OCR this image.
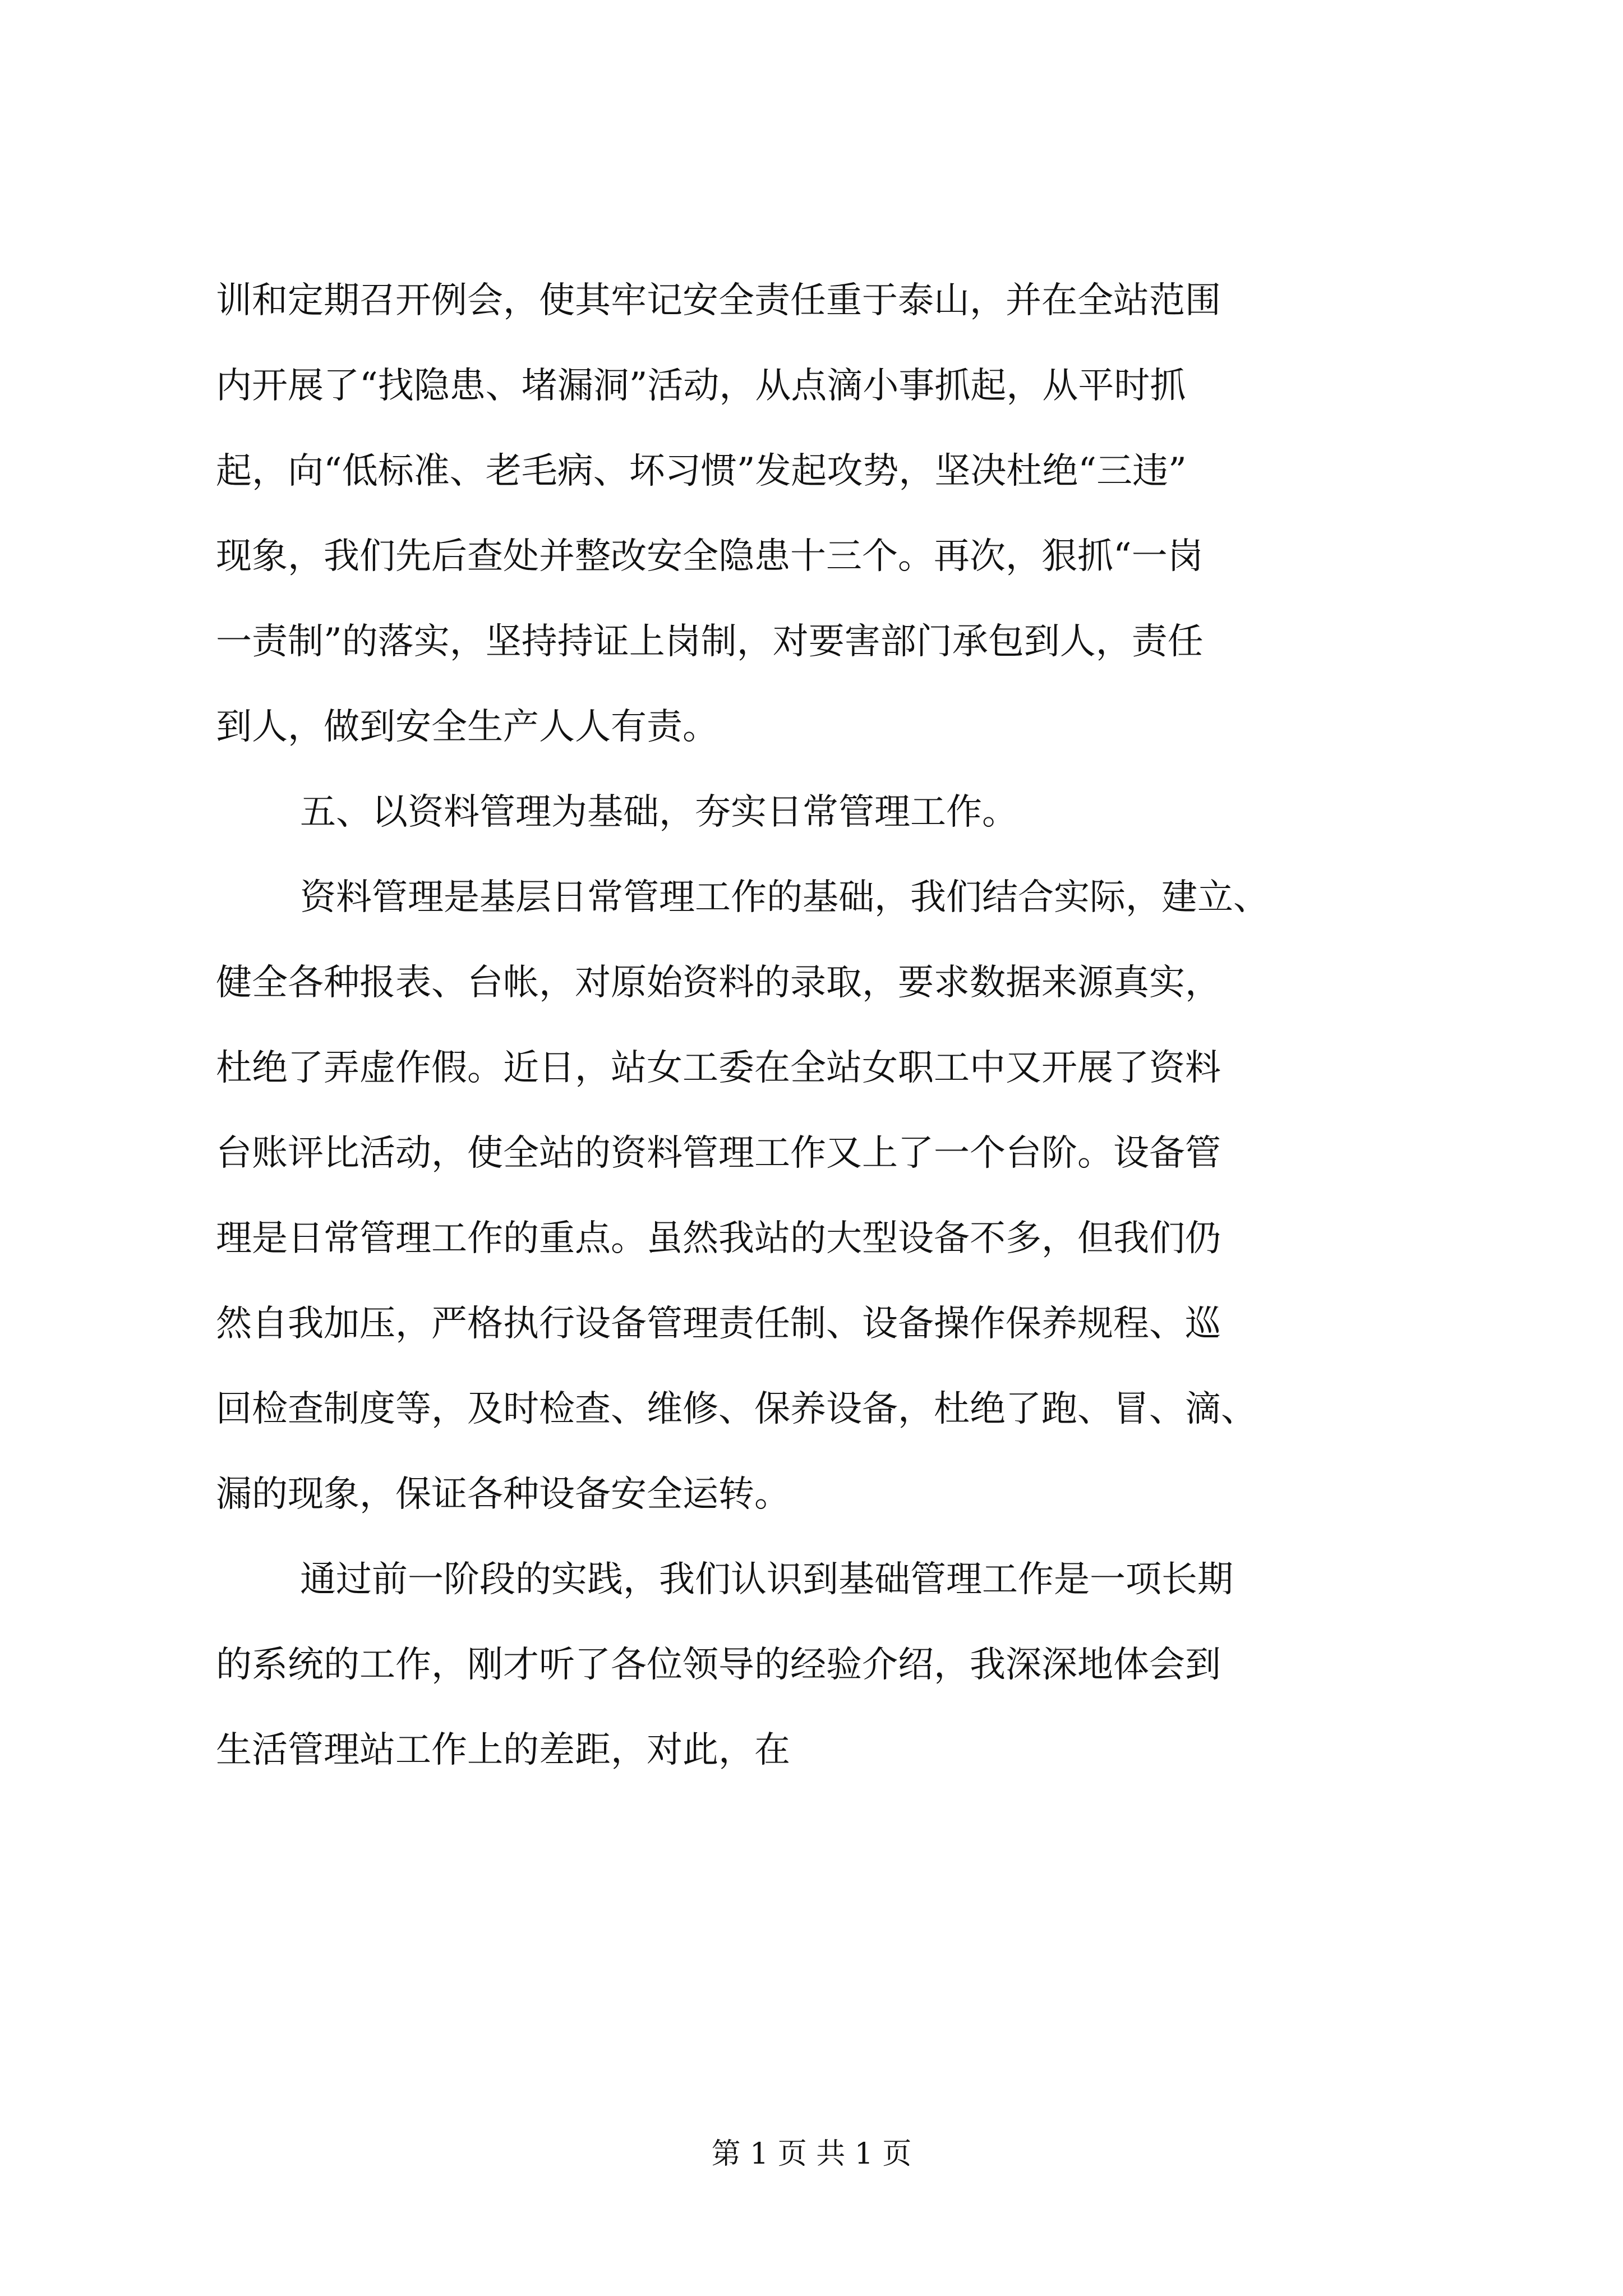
训和定期召开例会，使其牢记安全责任重于泰山，并在全站范围
内开展了“找隐患、堵漏洞”活动，从点滴小事抓起，从平时抓
起，向“低标准、老毛病、坏习惯”发起攻势，坚决杜绝“三违”
现象，我们先后查处并整改安全隐患十三个。再次，狠抓“一岗
一责制”的落实，坚持持证上岗制，对要害部门承包到人，责任
到人，做到安全生产人人有责。

五、以资料管理为基础，夯实日常管理工作。

资料管理是基层日常管理工作的基础，我们结合实际，建立、
健全各种报表、台帐，对原始资料的录取，要求数据来源真实，
杜绝了弄虚作假。近日，站女工委在全站女职工中又开展了资料
台账评比活动，使全站的资料管理工作又上了一个台阶。设备管
理是日常管理工作的重点。虽然我站的大型设备不多，但我们仍
然自我加压，严格执行设备管理责任制、设备操作保养规程、巡
回检查制度等，及时检查、维修、保养设备，杜绝了跑、冒、滴、
漏的现象，保证各种设备安全运转。

通过前一阶段的实践，我们认识到基础管理工作是一项长期
的系统的工作，刚才听了各位领导的经验介绍，我深深地体会到
生活管理站工作上的差距，对此，在

第 1 页 共 1 页
